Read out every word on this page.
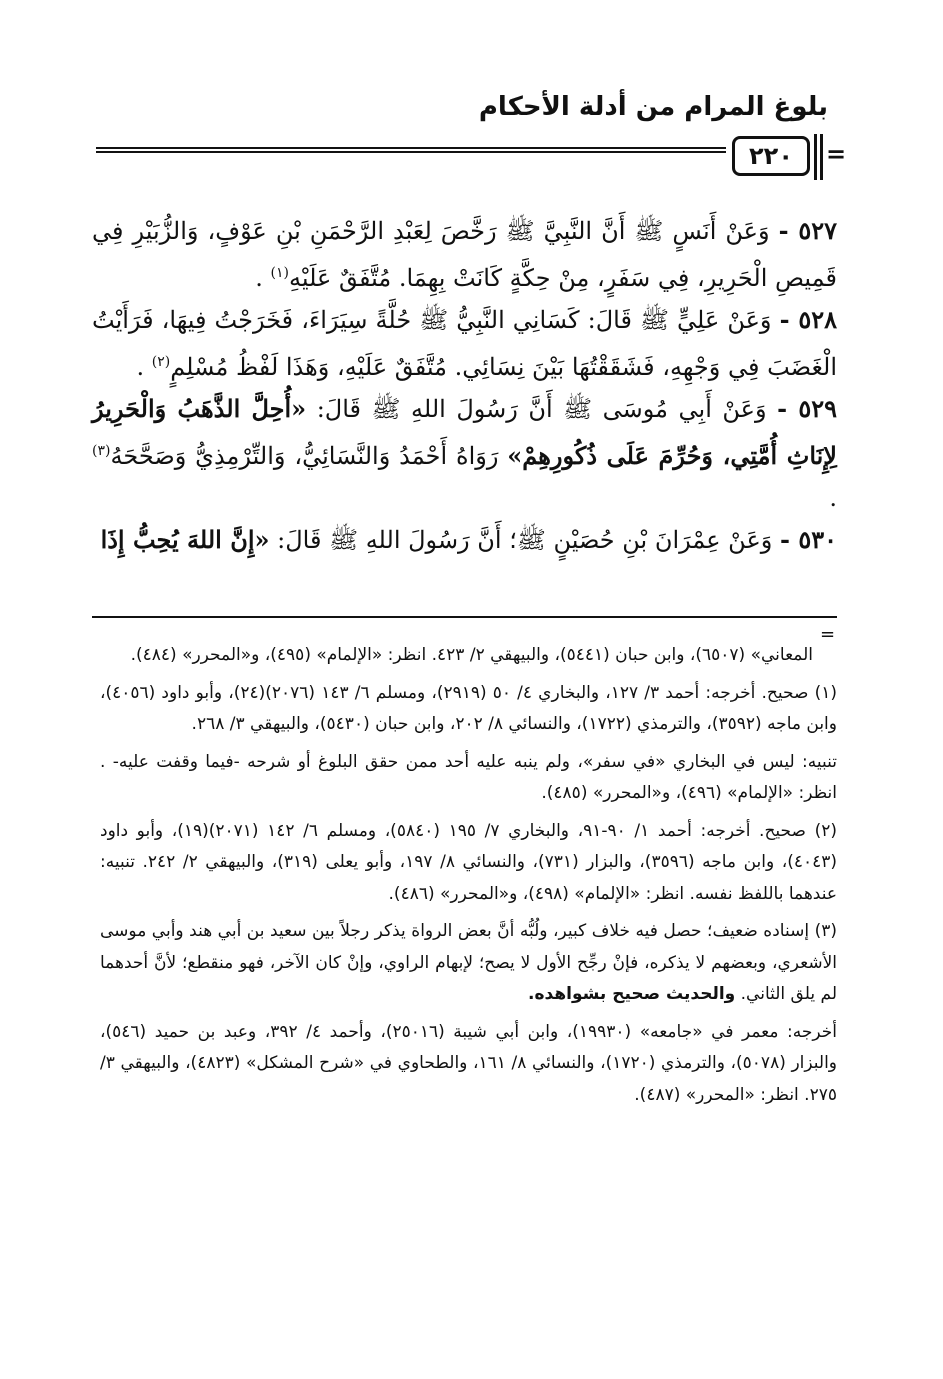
بلوغ المرام من أدلة الأحكام
٢٢٠ =

٥٢٧ - وَعَنْ أَنَسٍ ﷺ أَنَّ النَّبِيَّ ﷺ رَخَّصَ لِعَبْدِ الرَّحْمَنِ بْنِ عَوْفٍ، وَالزُّبَيْرِ فِي قَمِيصِ الْحَرِيرِ، فِي سَفَرٍ، مِنْ حِكَّةٍ كَانَتْ بِهِمَا. مُتَّفَقٌ عَلَيْهِ$^{(١)}$ .

٥٢٨ - وَعَنْ عَلِيٍّ ﷺ قَالَ: كَسَانِي النَّبِيُّ ﷺ حُلَّةً سِيَرَاءَ، فَخَرَجْتُ فِيهَا، فَرَأَيْتُ الْغَضَبَ فِي وَجْهِهِ، فَشَقَقْتُهَا بَيْنَ نِسَائِي. مُتَّفَقٌ عَلَيْهِ، وَهَذَا لَفْظُ مُسْلِمٍ$^{(٢)}$ .

٥٢٩ - وَعَنْ أَبِي مُوسَى ﷺ أَنَّ رَسُولَ اللهِ ﷺ قَالَ: «أُحِلَّ الذَّهَبُ وَالْحَرِيرُ لِإِنَاثِ أُمَّتِي، وَحُرِّمَ عَلَى ذُكُورِهِمْ» رَوَاهُ أَحْمَدُ وَالنَّسَائِيُّ، وَالتِّرْمِذِيُّ وَصَحَّحَهُ$^{(٣)}$ .

٥٣٠ - وَعَنْ عِمْرَانَ بْنِ حُصَيْنٍ ﷺ؛ أَنَّ رَسُولَ اللهِ ﷺ قَالَ: «إِنَّ اللهَ يُحِبُّ إِذَا

=

المعاني» (٦٥٠٧)، وابن حبان (٥٤٤١)، والبيهقي ٢/ ٤٢٣. انظر: «الإلمام» (٤٩٥)، و«المحرر» (٤٨٤).

(١) صحيح. أخرجه: أحمد ٣/ ١٢٧، والبخاري ٤/ ٥٠ (٢٩١٩)، ومسلم ٦/ ١٤٣ (٢٠٧٦)(٢٤)، وأبو داود (٤٠٥٦)، وابن ماجه (٣٥٩٢)، والترمذي (١٧٢٢)، والنسائي ٨/ ٢٠٢، وابن حبان (٥٤٣٠)، والبيهقي ٣/ ٢٦٨.

تنبيه: ليس في البخاري «في سفر»، ولم ينبه عليه أحد ممن حقق البلوغ أو شرحه -فيما وقفت عليه- . انظر: «الإلمام» (٤٩٦)، و«المحرر» (٤٨٥).

(٢) صحيح. أخرجه: أحمد ١/ ٩٠-٩١، والبخاري ٧/ ١٩٥ (٥٨٤٠)، ومسلم ٦/ ١٤٢ (٢٠٧١)(١٩)، وأبو داود (٤٠٤٣)، وابن ماجه (٣٥٩٦)، والبزار (٧٣١)، والنسائي ٨/ ١٩٧، وأبو يعلى (٣١٩)، والبيهقي ٢/ ٢٤٢. تنبيه: عندهما باللفظ نفسه. انظر: «الإلمام» (٤٩٨)، و«المحرر» (٤٨٦).

(٣) إسناده ضعيف؛ حصل فيه خلاف كبير، ولُبُّه أنَّ بعض الرواة يذكر رجلاً بين سعيد بن أبي هند وأبي موسى الأشعري، وبعضهم لا يذكره، فإنْ رجِّح الأول لا يصح؛ لإبهام الراوي، وإنْ كان الآخر، فهو منقطع؛ لأنَّ أحدهما لم يلق الثاني. والحديث صحيح بشواهده.

أخرجه: معمر في «جامعه» (١٩٩٣٠)، وابن أبي شيبة (٢٥٠١٦)، وأحمد ٤/ ٣٩٢، وعبد بن حميد (٥٤٦)، والبزار (٥٠٧٨)، والترمذي (١٧٢٠)، والنسائي ٨/ ١٦١، والطحاوي في «شرح المشكل» (٤٨٢٣)، والبيهقي ٣/ ٢٧٥. انظر: «المحرر» (٤٨٧).
